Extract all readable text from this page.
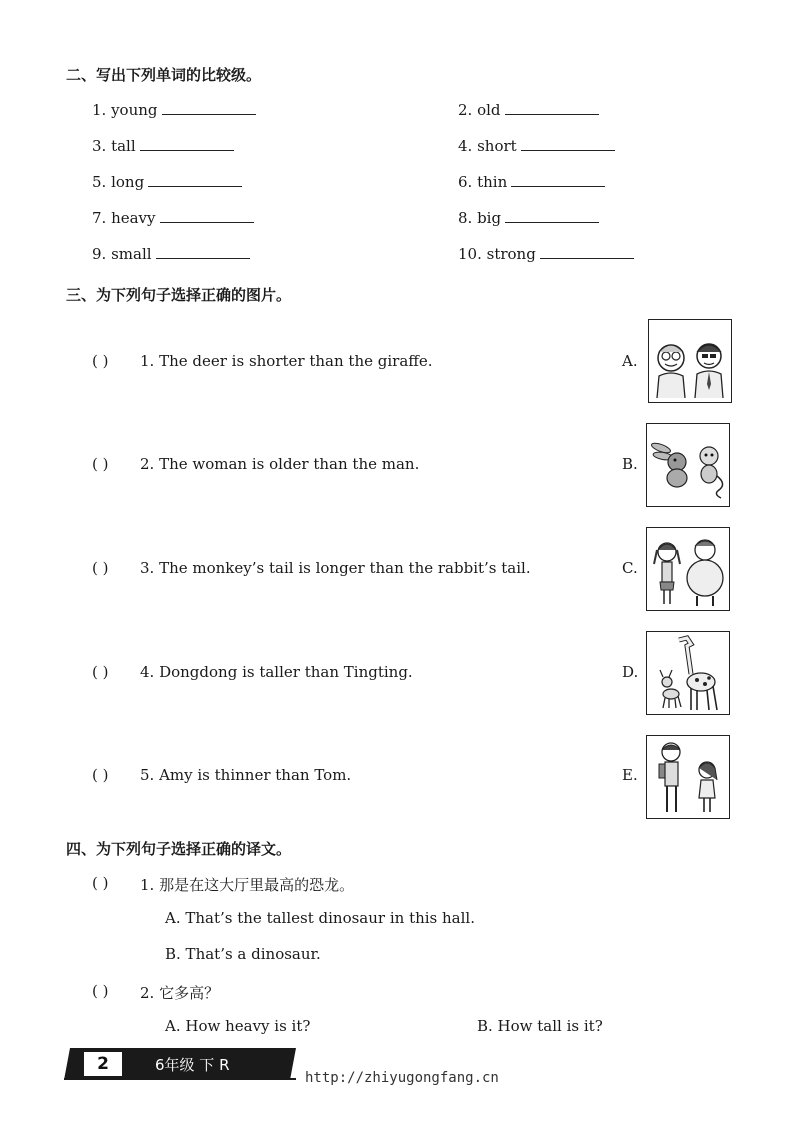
二、写出下列单词的比较级。
1. young	2. old
3. tall	4. short
5. long	6. thin
7. heavy	8. big
9. small	10. strong
三、为下列句子选择正确的图片。
( ) 1. The deer is shorter than the giraffe.	A.
( ) 2. The woman is older than the man.	B.
( ) 3. The monkey’s tail is longer than the rabbit’s tail.	C.
( ) 4. Dongdong is taller than Tingting.	D.
( ) 5. Amy is thinner than Tom.	E.
四、为下列句子选择正确的译文。
( ) 1. 那是在这大厅里最高的恐龙。
A. That’s the tallest dinosaur in this hall.
B. That’s a dinosaur.
( ) 2. 它多高？
A. How heavy is it?	B. How tall is it?
2	6年级 下 R
http://zhiyugongfang.cn
